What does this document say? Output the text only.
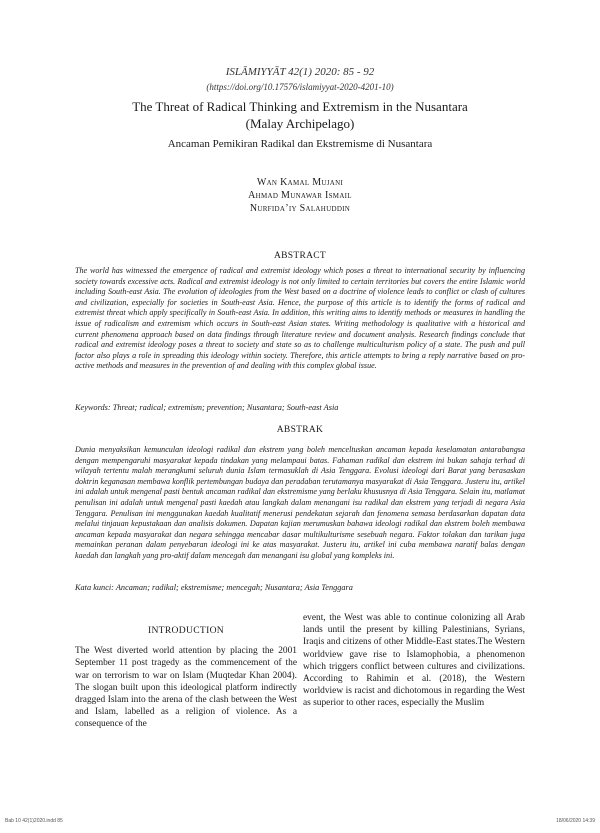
ISLĀMIYYĀT 42(1) 2020: 85 - 92
(https://doi.org/10.17576/islamiyyat-2020-4201-10)
The Threat of Radical Thinking and Extremism in the Nusantara
(Malay Archipelago)
Ancaman Pemikiran Radikal dan Ekstremisme di Nusantara
Wan Kamal Mujani
Ahmad Munawar Ismail
Nurfida’iy Salahuddin
ABSTRACT
The world has witnessed the emergence of radical and extremist ideology which poses a threat to international security by influencing society towards excessive acts. Radical and extremist ideology is not only limited to certain territories but covers the entire Islamic world including South-east Asia. The evolution of ideologies from the West based on a doctrine of violence leads to conflict or clash of cultures and civilization, especially for societies in South-east Asia. Hence, the purpose of this article is to identify the forms of radical and extremist threat which apply specifically in South-east Asia. In addition, this writing aims to identify methods or measures in handling the issue of radicalism and extremism which occurs in South-east Asian states. Writing methodology is qualitative with a historical and current phenomena approach based on data findings through literature review and document analysis. Research findings conclude that radical and extremist ideology poses a threat to society and state so as to challenge multiculturism policy of a state. The push and pull factor also plays a role in spreading this ideology within society. Therefore, this article attempts to bring a reply narrative based on pro-active methods and measures in the prevention of and dealing with this complex global issue.
Keywords: Threat; radical; extremism; prevention; Nusantara; South-east Asia
ABSTRAK
Dunia menyaksikan kemunculan ideologi radikal dan ekstrem yang boleh menceltuskan ancaman kepada keselamatan antarabangsa dengan mempengaruhi masyarakat kepada tindakan yang melampaui batas. Fahaman radikal dan ekstrem ini bukan sahaja terhad di wilayah tertentu malah merangkumi seluruh dunia Islam termasuklah di Asia Tenggara. Evolusi ideologi dari Barat yang berasaskan doktrin keganasan membawa konflik pertembungan budaya dan peradaban terutamanya masyarakat di Asia Tenggara. Justeru itu, artikel ini adalah untuk mengenal pasti bentuk ancaman radikal dan ekstremisme yang berlaku khususnya di Asia Tenggara. Selain itu, matlamat penulisan ini adalah untuk mengenal pasti kaedah atau langkah dalam menangani isu radikal dan ekstrem yang terjadi di negara Asia Tenggara. Penulisan ini menggunakan kaedah kualitatif menerusi pendekatan sejarah dan fenomena semasa berdasarkan dapatan data melalui tinjauan kepustakaan dan analisis dokumen. Dapatan kajian merumuskan bahawa ideologi radikal dan ekstrem boleh membawa ancaman kepada masyarakat dan negara sehingga mencabar dasar multikulturisme sesebuah negara. Faktor tolakan dan tarikan juga memainkan peranan dalam penyebaran ideologi ini ke atas masyarakat. Justeru itu, artikel ini cuba membawa naratif balas dengan kaedah dan langkah yang pro-aktif dalam mencegah dan menangani isu global yang kompleks ini.
Kata kunci: Ancaman; radikal; ekstremisme; mencegah; Nusantara; Asia Tenggara
INTRODUCTION
The West diverted world attention by placing the 2001 September 11 post tragedy as the commencement of the war on terrorism to war on Islam (Muqtedar Khan 2004). The slogan built upon this ideological platform indirectly dragged Islam into the arena of the clash between the West and Islam, labelled as a religion of violence. As a consequence of the
event, the West was able to continue colonizing all Arab lands until the present by killing Palestinians, Syrians, Iraqis and citizens of other Middle-East states.The Western worldview gave rise to Islamophobia, a phenomenon which triggers conflict between cultures and civilizations. According to Rahimin et al. (2018), the Western worldview is racist and dichotomous in regarding the West as superior to other races, especially the Muslim
Bab 10 42(1)2020.indd 85	18/06/2020 14:39
